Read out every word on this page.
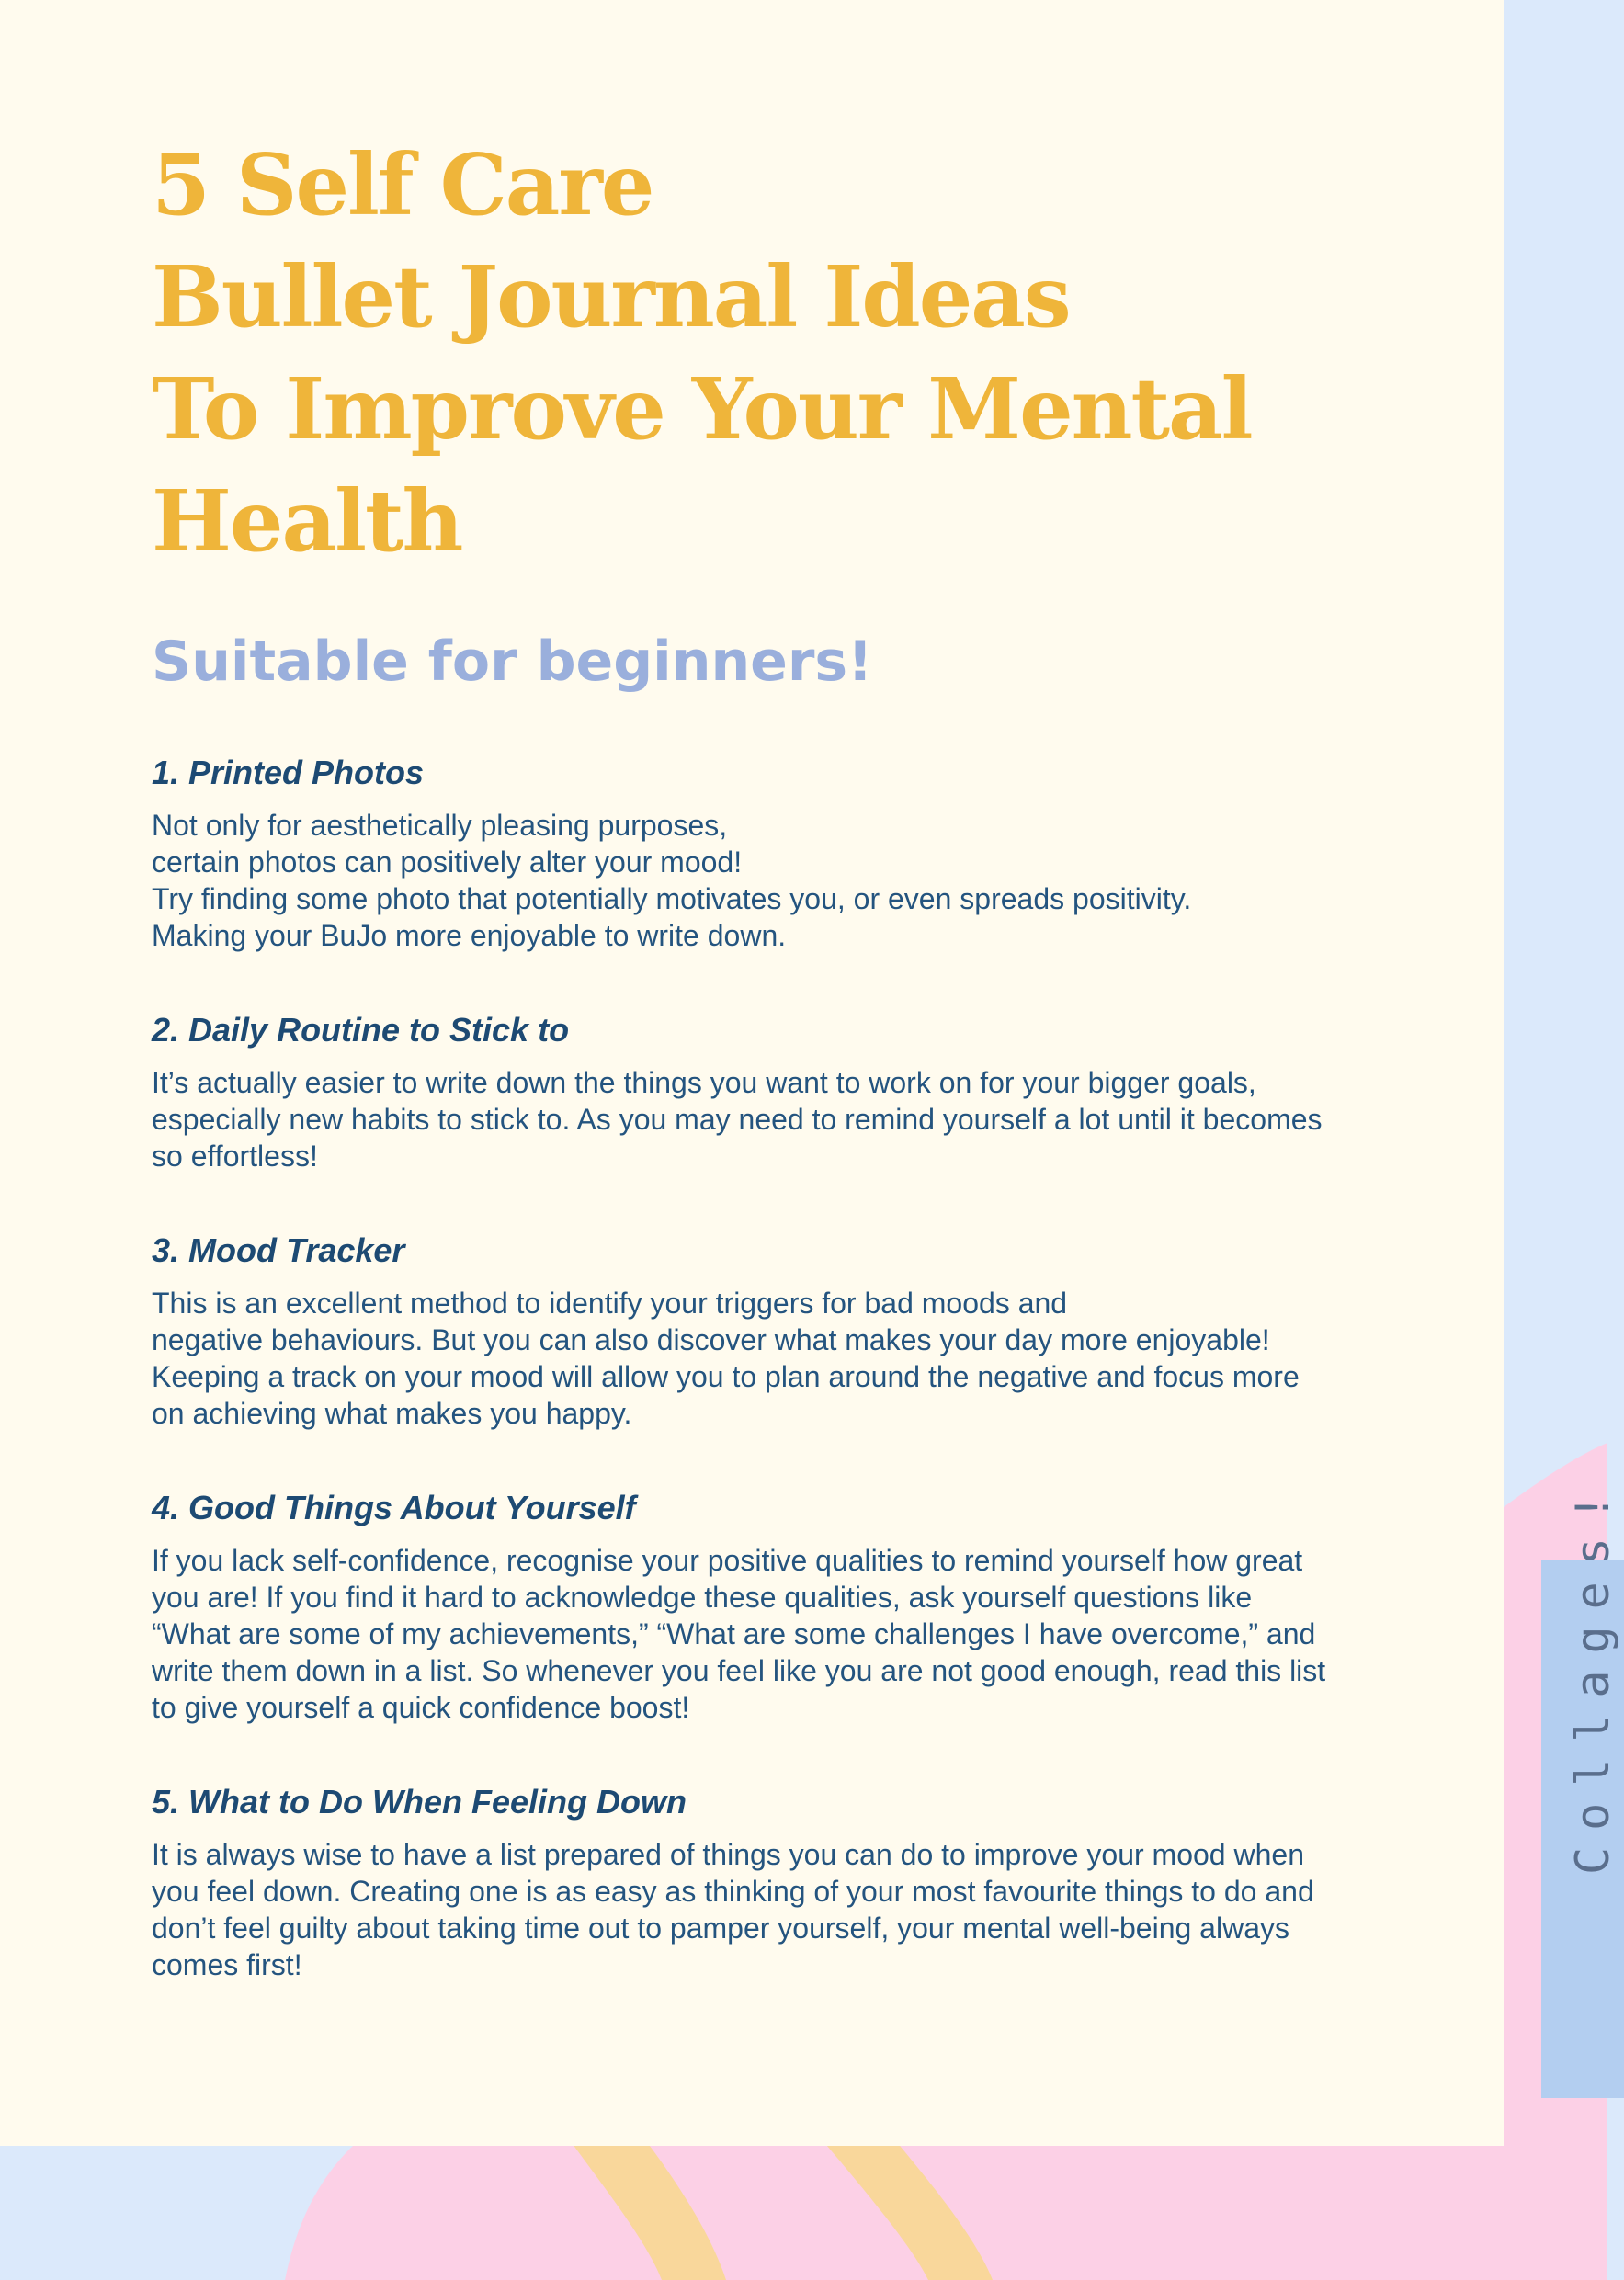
Collages!
5 Self Care
Bullet Journal Ideas
To Improve Your Mental
Health
Suitable for beginners!
1. Printed Photos

Not only for aesthetically pleasing purposes,
certain photos can positively alter your mood!
Try finding some photo that potentially motivates you, or even spreads positivity.
Making your BuJo more enjoyable to write down.

2. Daily Routine to Stick to

It’s actually easier to write down the things you want to work on for your bigger goals,
especially new habits to stick to. As you may need to remind yourself a lot until it becomes
so effortless!

3. Mood Tracker

This is an excellent method to identify your triggers for bad moods and
negative behaviours. But you can also discover what makes your day more enjoyable!
Keeping a track on your mood will allow you to plan around the negative and focus more
on achieving what makes you happy.

4. Good Things About Yourself

If you lack self-confidence, recognise your positive qualities to remind yourself how great
you are! If you find it hard to acknowledge these qualities, ask yourself questions like
“What are some of my achievements,” “What are some challenges I have overcome,” and
write them down in a list. So whenever you feel like you are not good enough, read this list
to give yourself a quick confidence boost!

5. What to Do When Feeling Down

It is always wise to have a list prepared of things you can do to improve your mood when
you feel down. Creating one is as easy as thinking of your most favourite things to do and
don’t feel guilty about taking time out to pamper yourself, your mental well-being always
comes first!
